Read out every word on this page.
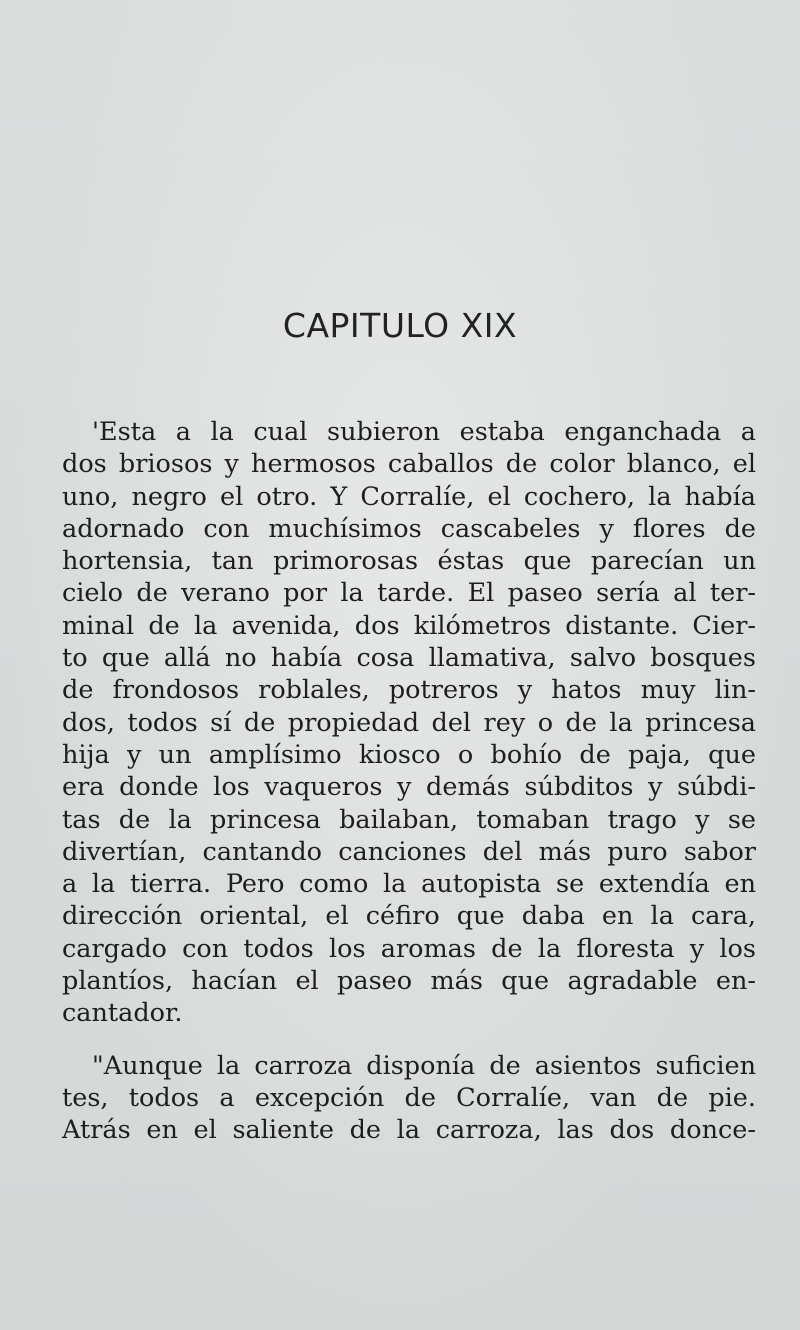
CAPITULO XIX
'Esta a la cual subieron estaba enganchada a
dos briosos y hermosos caballos de color blanco, el
uno, negro el otro. Y Corralíe, el cochero, la había
adornado con muchísimos cascabeles y flores de
hortensia, tan primorosas éstas que parecían un
cielo de verano por la tarde. El paseo sería al ter-
minal de la avenida, dos kilómetros distante. Cier-
to que allá no había cosa llamativa, salvo bosques
de frondosos roblales, potreros y hatos muy lin-
dos, todos sí de propiedad del rey o de la princesa
hija y un amplísimo kiosco o bohío de paja, que
era donde los vaqueros y demás súbditos y súbdi-
tas de la princesa bailaban, tomaban trago y se
divertían, cantando canciones del más puro sabor
a la tierra. Pero como la autopista se extendía en
dirección oriental, el céfiro que daba en la cara,
cargado con todos los aromas de la floresta y los
plantíos, hacían el paseo más que agradable en-
cantador.
"Aunque la carroza disponía de asientos suficien
tes, todos a excepción de Corralíe, van de pie.
Atrás en el saliente de la carroza, las dos donce-
